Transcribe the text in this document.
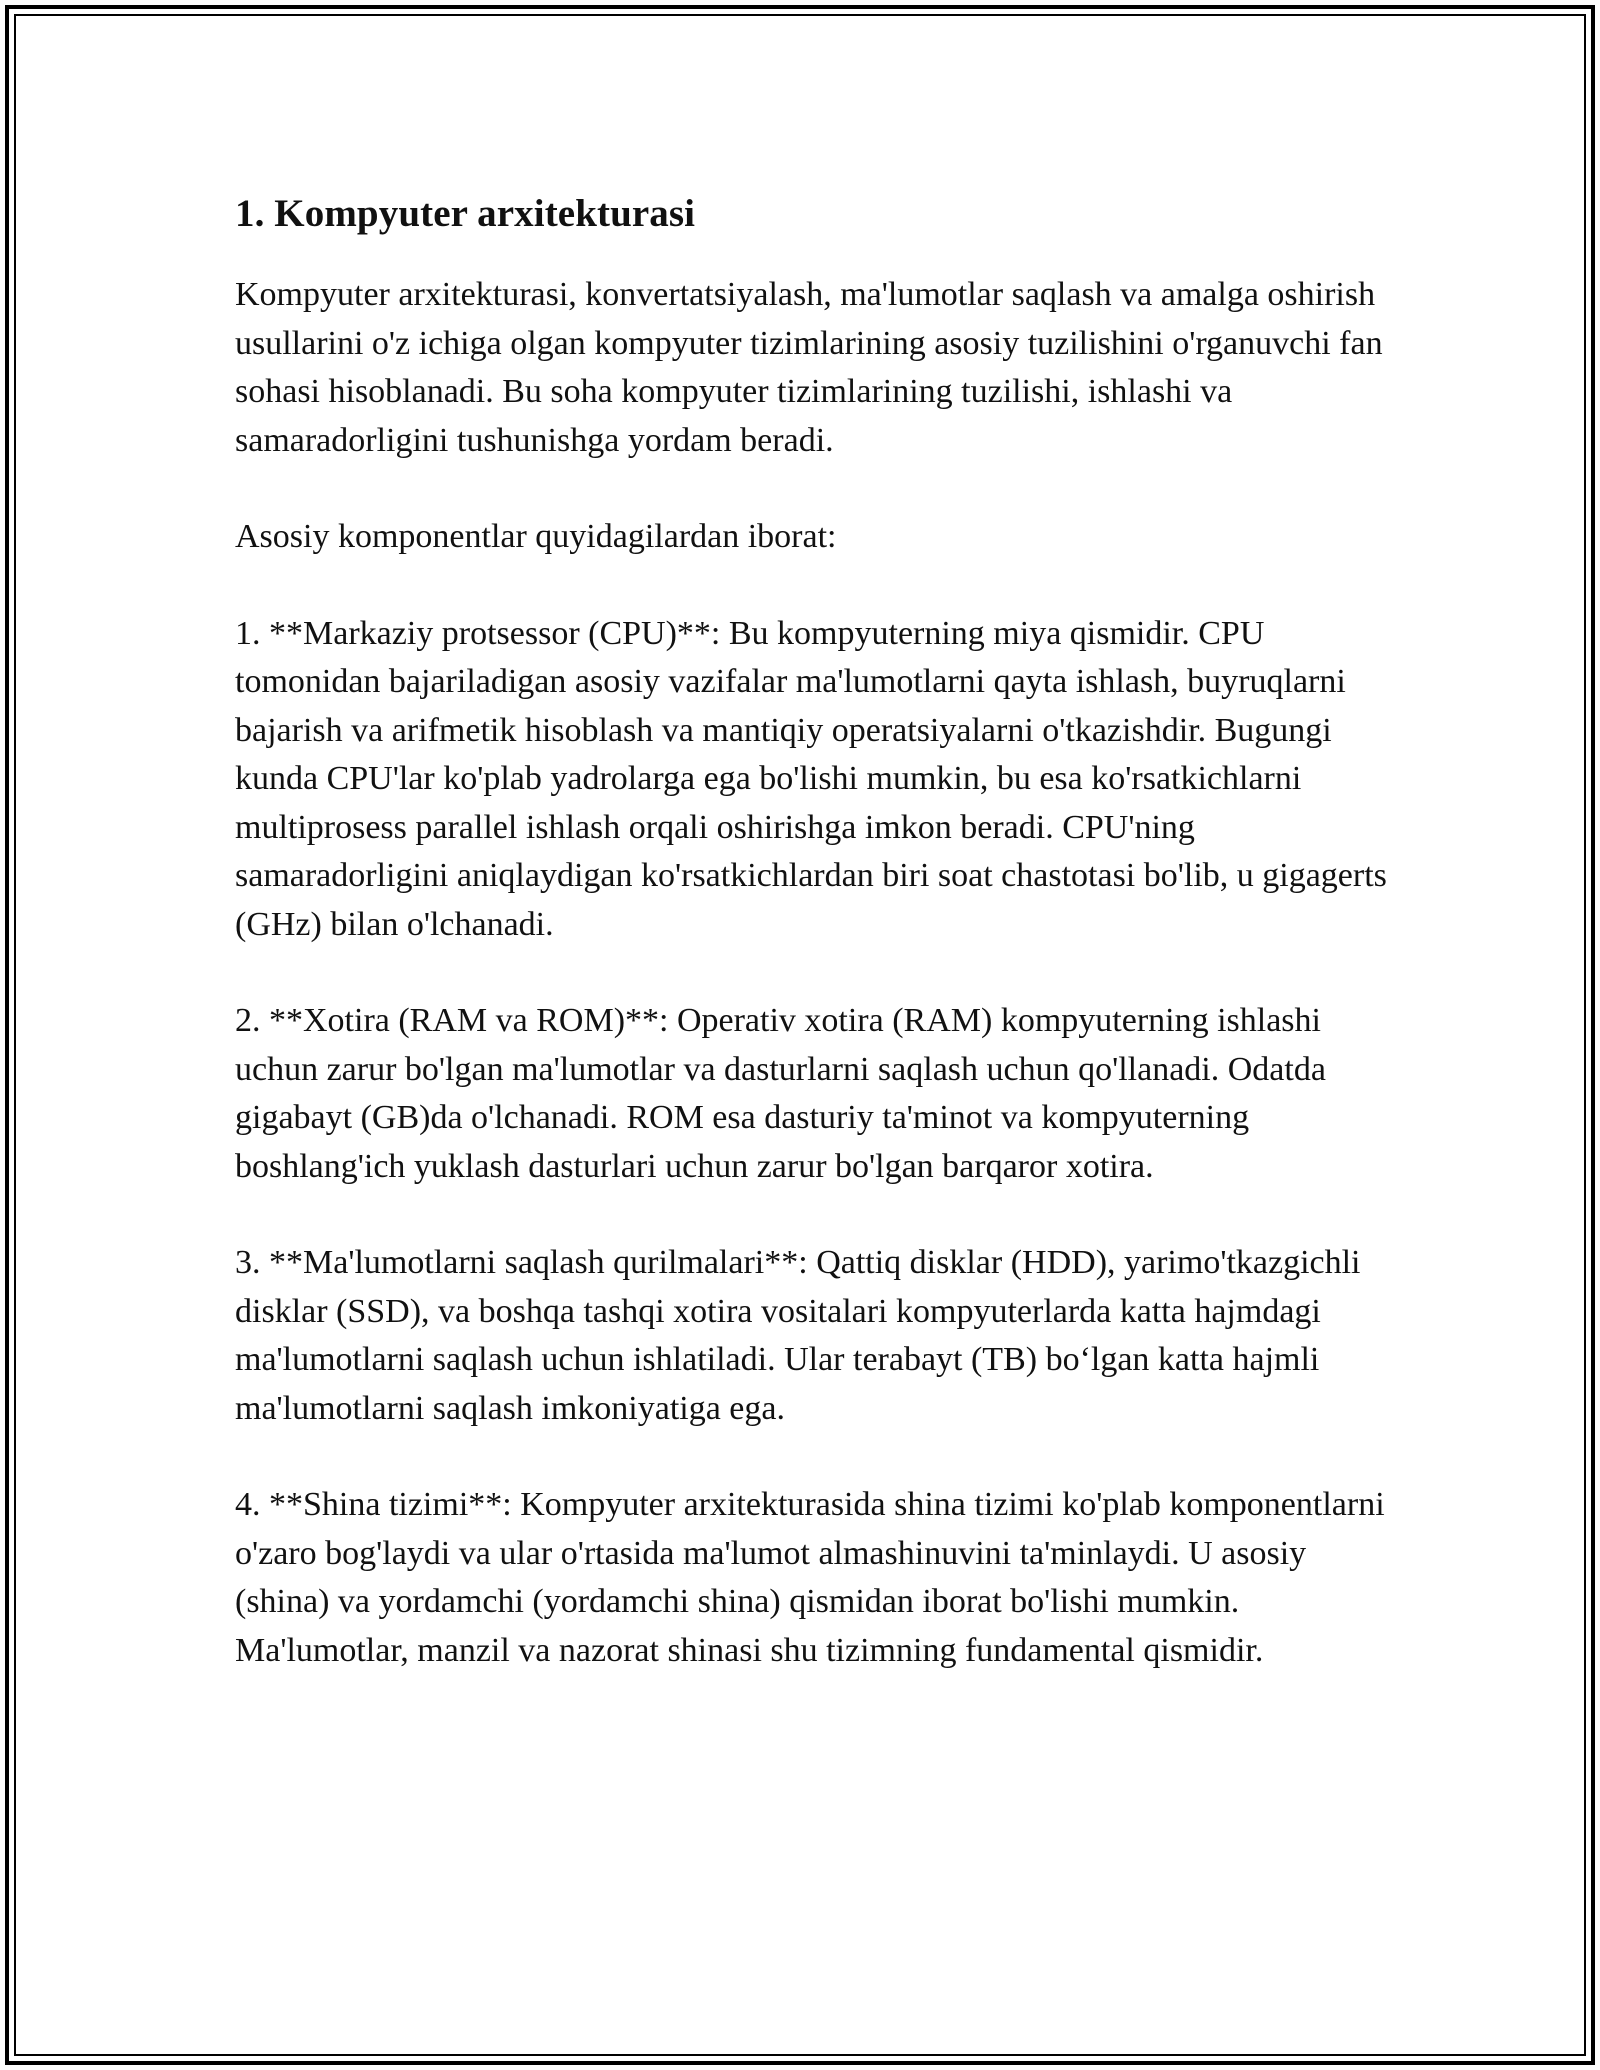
1. Kompyuter arxitekturasi

Kompyuter arxitekturasi, konvertatsiyalash, ma'lumotlar saqlash va amalga oshirish usullarini o'z ichiga olgan kompyuter tizimlarining asosiy tuzilishini o'rganuvchi fan sohasi hisoblanadi. Bu soha kompyuter tizimlarining tuzilishi, ishlashi va samaradorligini tushunishga yordam beradi.

Asosiy komponentlar quyidagilardan iborat:

1. **Markaziy protsessor (CPU)**: Bu kompyuterning miya qismidir. CPU tomonidan bajariladigan asosiy vazifalar ma'lumotlarni qayta ishlash, buyruqlarni bajarish va arifmetik hisoblash va mantiqiy operatsiyalarni o'tkazishdir. Bugungi kunda CPU'lar ko'plab yadrolarga ega bo'lishi mumkin, bu esa ko'rsatkichlarni multiprosess parallel ishlash orqali oshirishga imkon beradi. CPU'ning samaradorligini aniqlaydigan ko'rsatkichlardan biri soat chastotasi bo'lib, u gigagerts (GHz) bilan o'lchanadi.

2. **Xotira (RAM va ROM)**: Operativ xotira (RAM) kompyuterning ishlashi uchun zarur bo'lgan ma'lumotlar va dasturlarni saqlash uchun qo'llanadi. Odatda gigabayt (GB)da o'lchanadi. ROM esa dasturiy ta'minot va kompyuterning boshlang'ich yuklash dasturlari uchun zarur bo'lgan barqaror xotira.

3. **Ma'lumotlarni saqlash qurilmalari**: Qattiq disklar (HDD), yarimo'tkazgichli disklar (SSD), va boshqa tashqi xotira vositalari kompyuterlarda katta hajmdagi ma'lumotlarni saqlash uchun ishlatiladi. Ular terabayt (TB) bo‘lgan katta hajmli ma'lumotlarni saqlash imkoniyatiga ega.

4. **Shina tizimi**: Kompyuter arxitekturasida shina tizimi ko'plab komponentlarni o'zaro bog'laydi va ular o'rtasida ma'lumot almashinuvini ta'minlaydi. U asosiy (shina) va yordamchi (yordamchi shina) qismidan iborat bo'lishi mumkin. Ma'lumotlar, manzil va nazorat shinasi shu tizimning fundamental qismidir.
